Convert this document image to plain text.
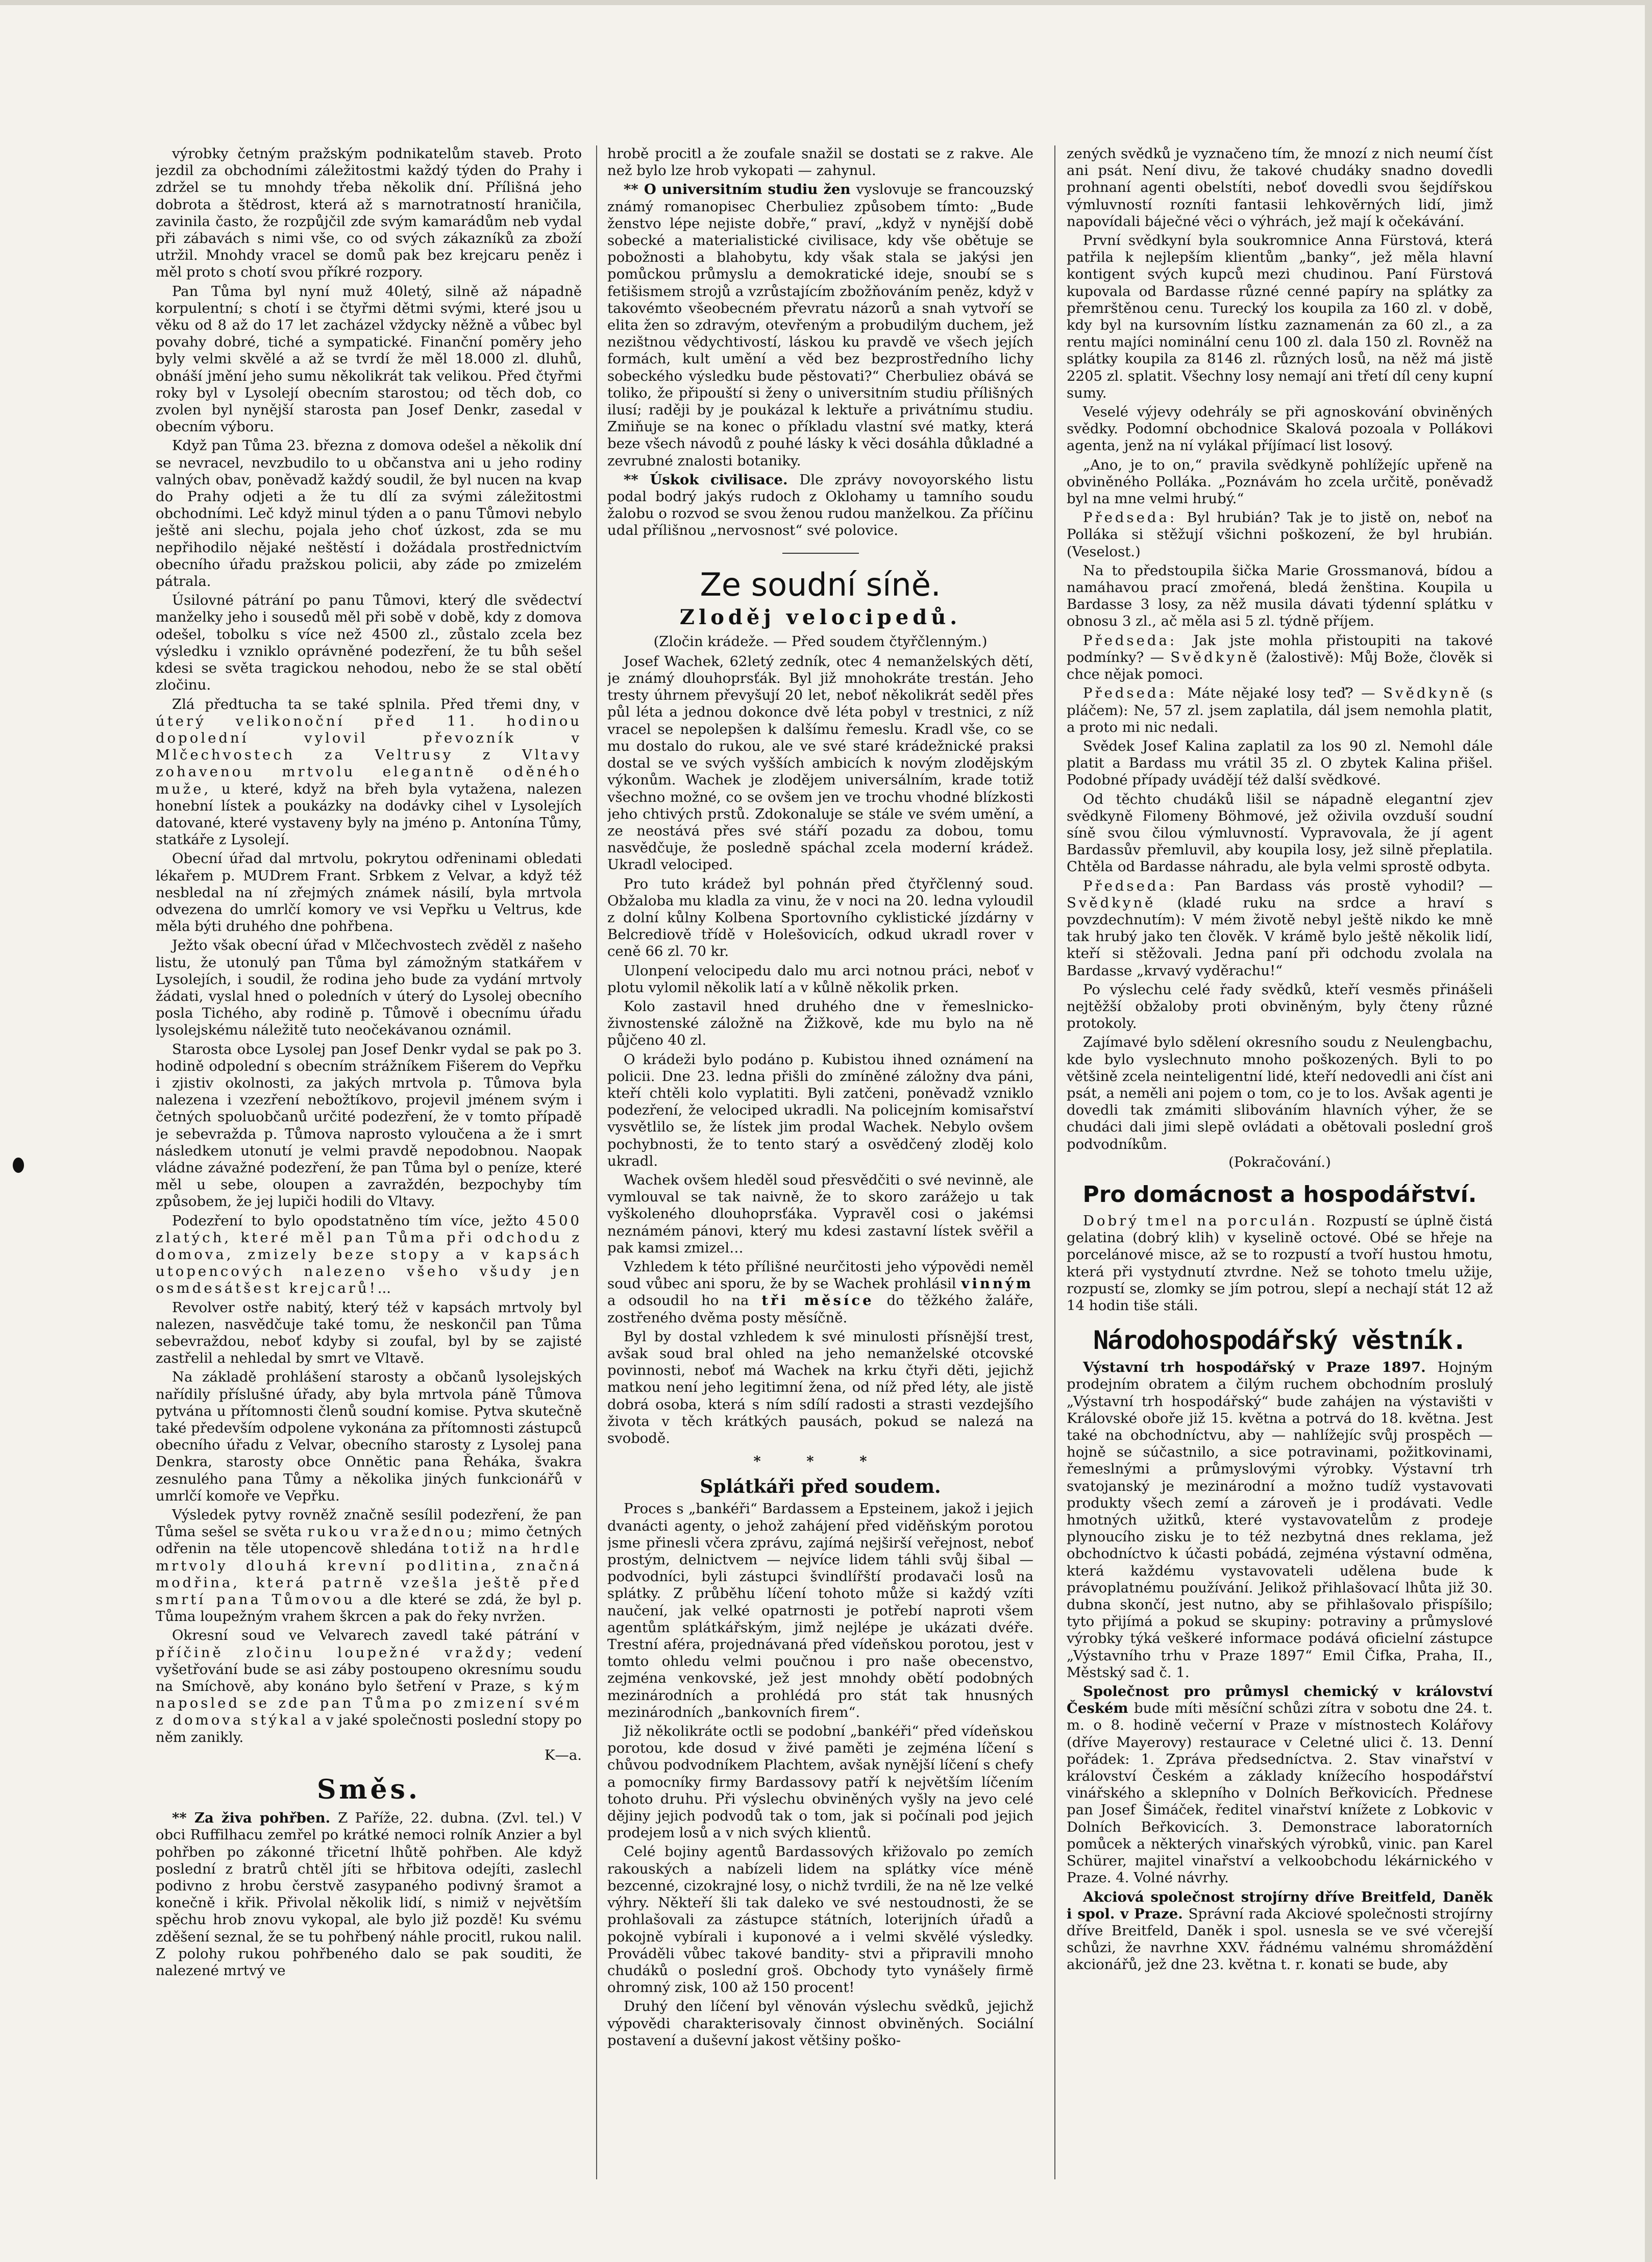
výrobky četným pražským podnikatelům staveb. Proto jezdil za obchodními záležitostmi každý týden do Prahy i zdržel se tu mnohdy třeba několik dní. Přílišná jeho dobrota a štědrost, která až s marnotratností hraničila, zavinila často, že rozpůjčil zde svým kamarádům neb vydal při zábavách s nimi vše, co od svých zákazníků za zboží utržil. Mnohdy vracel se domů pak bez krejcaru peněz i měl proto s chotí svou příkré rozpory.

Pan Tůma byl nyní muž 40letý, silně až nápadně korpulentní; s chotí i se čtyřmi dětmi svými, které jsou u věku od 8 až do 17 let zacházel vždycky něžně a vůbec byl povahy dobré, tiché a sympatické. Finanční poměry jeho byly velmi skvělé a až se tvrdí že měl 18.000 zl. dluhů, obnáší jmění jeho sumu několikrát tak velikou. Před čtyřmi roky byl v Lysolejí obecním starostou; od těch dob, co zvolen byl nynější starosta pan Josef Denkr, zasedal v obecním výboru.

Když pan Tůma 23. března z domova odešel a několik dní se nevracel, nevzbudilo to u občanstva ani u jeho rodiny valných obav, poněvadž každý soudil, že byl nucen na kvap do Prahy odjeti a že tu dlí za svými záležitostmi obchodními. Leč když minul týden a o panu Tůmovi nebylo ještě ani slechu, pojala jeho choť úzkost, zda se mu nepřihodilo nějaké neštěstí i dožádala prostřednictvím obecního úřadu pražskou policii, aby záde po zmizelém pátrala.

Úsilovné pátrání po panu Tůmovi, který dle svědectví manželky jeho i sousedů měl při sobě v době, kdy z domova odešel, tobolku s více než 4500 zl., zůstalo zcela bez výsledku i vzniklo oprávněné podezření, že tu bůh sešel kdesi se světa tragickou nehodou, nebo že se stal obětí zločinu.

Zlá předtucha ta se také splnila. Před třemi dny, v úterý velikonoční před 11. hodinou dopolední vylovil převozník v Mlčechvostech za Veltrusy z Vltavy zohavenou mrtvolu elegantně oděného muže, u které, když na břeh byla vytažena, nalezen honební lístek a poukázky na dodávky cihel v Lysolejích datované, které vystaveny byly na jméno p. Antonína Tůmy, statkáře z Lysolejí.

Obecní úřad dal mrtvolu, pokrytou odřeninami obledati lékařem p. MUDrem Frant. Srbkem z Velvar, a když též nesbledal na ní zřejmých známek násilí, byla mrtvola odvezena do umrlčí komory ve vsi Vepřku u Veltrus, kde měla býti druhého dne pohřbena.

Ježto však obecní úřad v Mlčechvostech zvěděl z našeho listu, že utonulý pan Tůma byl zámožným statkářem v Lysolejích, i soudil, že rodina jeho bude za vydání mrtvoly žádati, vyslal hned o poledních v úterý do Lysolej obecního posla Tichého, aby rodině p. Tůmově i obecnímu úřadu lysolejskému náležitě tuto neočekávanou oznámil.

Starosta obce Lysolej pan Josef Denkr vydal se pak po 3. hodině odpolední s obecním strážníkem Fišerem do Vepřku i zjistiv okolnosti, za jakých mrtvola p. Tůmova byla nalezena i vzezření nebožtíkovo, projevil jménem svým i četných spoluobčanů určité podezření, že v tomto případě je sebevražda p. Tůmova naprosto vyloučena a že i smrt následkem utonutí je velmi pravdě nepodobnou. Naopak vládne závažné podezření, že pan Tůma byl o peníze, které měl u sebe, oloupen a zavraždén, bezpochyby tím způsobem, že jej lupiči hodili do Vltavy.

Podezření to bylo opodstatněno tím více, ježto 4500 zlatých, které měl pan Tůma při odchodu z domova, zmizely beze stopy a v kapsách utopencových nalezeno všeho všudy jen osmdesátšest krejcarů!...

Revolver ostře nabitý, který též v kapsách mrtvoly byl nalezen, nasvědčuje také tomu, že neskončil pan Tůma sebevraždou, neboť kdyby si zoufal, byl by se zajisté zastřelil a nehledal by smrt ve Vltavě.

Na základě prohlášení starosty a občanů lysolejských nařídily příslušné úřady, aby byla mrtvola páně Tůmova pytvána u přítomnosti členů soudní komise. Pytva skutečně také především odpolene vykonána za přítomnosti zástupců obecního úřadu z Velvar, obecního starosty z Lysolej pana Denkra, starosty obce Onnětic pana Řeháka, švakra zesnulého pana Tůmy a několika jiných funkcionářů v umrlčí komoře ve Vepřku.

Výsledek pytvy rovněž značně sesílil podezření, že pan Tůma sešel se světa rukou vražednou; mimo četných odřenin na těle utopencově shledána totiž na hrdle mrtvoly dlouhá krevní podlitina, značná modřina, která patrně vzešla ještě před smrtí pana Tůmovou a dle které se zdá, že byl p. Tůma loupežným vrahem škrcen a pak do řeky nvržen.

Okresní soud ve Velvarech zavedl také pátrání v příčině zločinu loupežné vraždy; vedení vyšetřování bude se asi záby postoupeno okresnímu soudu na Smíchově, aby konáno bylo šetření v Praze, s kým naposled se zde pan Tůma po zmizení svém z domova stýkal a v jaké společnosti poslední stopy po něm zanikly.

K—a.
Směs.

** Za živa pohřben. Z Paříže, 22. dubna. (Zvl. tel.) V obci Ruffilhacu zemřel po krátké nemoci rolník Anzier a byl pohřben po zákonné třicetní lhůtě pohřben. Ale když poslední z bratrů chtěl jíti se hřbitova odejíti, zaslechl podivno z hrobu čerstvě zasypaného podivný šramot a konečně i křik. Přivolal několik lidí, s nimiž v největším spěchu hrob znovu vykopal, ale bylo již pozdě! Ku svému zděšení seznal, že se tu pohřbený náhle procitl, rukou nalil. Z polohy rukou pohřbeného dalo se pak souditi, že nalezené mrtvý ve

hrobě procitl a že zoufale snažil se dostati se z rakve. Ale než bylo lze hrob vykopati — zahynul.

** O universitním studiu žen vyslovuje se francouzský známý romanopisec Cherbuliez způsobem tímto: „Bude ženstvo lépe nejiste dobře,“ praví, „když v nynější době sobecké a materialistické civilisace, kdy vše obětuje se pobožnosti a blahobytu, kdy však stala se jakýsi jen pomůckou průmyslu a demokratické ideje, snoubí se s fetišismem strojů a vzrůstajícím zbožňováním peněz, když v takovémto všeobecném převratu názorů a snah vytvoří se elita žen so zdravým, otevřeným a probudilým duchem, jež nezištnou vědychtivostí, láskou ku pravdě ve všech jejích formách, kult umění a věd bez bezprostředního lichy sobeckého výsledku bude pěstovati?“ Cherbuliez obává se toliko, že připouští si ženy o universitním studiu přílišných ilusí; raději by je poukázal k lektuře a privátnímu studiu. Zmiňuje se na konec o příkladu vlastní své matky, která beze všech návodů z pouhé lásky k věci dosáhla důkladné a zevrubné znalosti botaniky.

** Úskok civilisace. Dle zprávy novoyorského listu podal bodrý jakýs rudoch z Oklohamy u tamního soudu žalobu o rozvod se svou ženou rudou manželkou. Za příčinu udal přílišnou „nervosnost“ své polovice.

Ze soudní síně.
Zloděj velocipedů.
(Zločin krádeže. — Před soudem čtyřčlenným.)

Josef Wachek, 62letý zedník, otec 4 nemanželských dětí, je známý dlouhoprsťák. Byl již mnohokráte trestán. Jeho tresty úhrnem převyšují 20 let, neboť několikrát seděl přes půl léta a jednou dokonce dvě léta pobyl v trestnici, z níž vracel se nepolepšen k dalšímu řemeslu. Kradl vše, co se mu dostalo do rukou, ale ve své staré krádežnické praksi dostal se ve svých vyšších ambicích k novým zlodějským výkonům. Wachek je zlodějem universálním, krade totiž všechno možné, co se ovšem jen ve trochu vhodné blízkosti jeho chtivých prstů. Zdokonaluje se stále ve svém umění, a ze neostává přes své stáří pozadu za dobou, tomu nasvědčuje, že posledně spáchal zcela moderní krádež. Ukradl velociped.

Pro tuto krádež byl pohnán před čtyřčlenný soud. Obžaloba mu kladla za vinu, že v noci na 20. ledna vyloudil z dolní kůlny Kolbena Sportovního cyklistické jízdárny v Belcrediově třídě v Holešovicích, odkud ukradl rover v ceně 66 zl. 70 kr.

Ulonpení velocipedu dalo mu arci notnou práci, neboť v plotu vylomil několik latí a v kůlně několik prken.

Kolo zastavil hned druhého dne v řemeslnicko-živnostenské záložně na Žižkově, kde mu bylo na ně půjčeno 40 zl.

O krádeži bylo podáno p. Kubistou ihned oznámení na policii. Dne 23. ledna přišli do zmíněné záložny dva páni, kteří chtěli kolo vyplatiti. Byli zatčeni, poněvadž vzniklo podezření, že velociped ukradli. Na policejním komisařství vysvětlilo se, že lístek jim prodal Wachek. Nebylo ovšem pochybnosti, že to tento starý a osvědčený zloděj kolo ukradl.

Wachek ovšem hleděl soud přesvědčiti o své nevinně, ale vymlouval se tak naivně, že to skoro zarážejo u tak vyškoleného dlouhoprsťáka. Vypravěl cosi o jakémsi neznámém pánovi, který mu kdesi zastavní lístek svěřil a pak kamsi zmizel…

Vzhledem k této přílišné neurčitosti jeho výpovědi neměl soud vůbec ani sporu, že by se Wachek prohlásil vinným a odsoudil ho na tři měsíce do těžkého žaláře, zostřeného dvěma posty měsíčně.

Byl by dostal vzhledem k své minulosti přísnější trest, avšak soud bral ohled na jeho nemanželské otcovské povinnosti, neboť má Wachek na krku čtyři děti, jejichž matkou není jeho legitimní žena, od níž před léty, ale jistě dobrá osoba, která s ním sdílí radosti a strasti vezdejšího života v těch krátkých pausách, pokud se nalezá na svobodě.

* * *
Splátkáři před soudem.

Proces s „bankéři“ Bardassem a Epsteinem, jakož i jejich dvanácti agenty, o jehož zahájení před viděňským porotou jsme přinesli včera zprávu, zajímá nejširší veřejnost, neboť prostým, delnictvem — nejvíce lidem táhli svůj šibal — podvodníci, byli zástupci švindlířští prodavači losů na splátky. Z průběhu líčení tohoto může si každý vzíti naučení, jak velké opatrnosti je potřebí naproti všem agentům splátkářským, jimž nejlépe je ukázati dvéře. Trestní aféra, projednávaná před vídeňskou porotou, jest v tomto ohledu velmi poučnou i pro naše obecenstvo, zejména venkovské, jež jest mnohdy obětí podobných mezinárodních a prohlédá pro stát tak hnusných mezinárodních „bankovních firem“.

Již několikráte octli se podobní „bankéři“ před vídeňskou porotou, kde dosud v živé paměti je zejména líčení s chůvou podvodníkem Plachtem, avšak nynější líčení s chefy a pomocníky firmy Bardassovy patří k největším líčením tohoto druhu. Při výslechu obviněných vyšly na jevo celé dějiny jejich podvodů tak o tom, jak si počínali pod jejich prodejem losů a v nich svých klientů.

Celé bojiny agentů Bardassových křižovalo po zemích rakouských a nabízeli lidem na splátky více méně bezcenné, cizokrajné losy, o nichž tvrdili, že na ně lze velké výhry. Někteří šli tak daleko ve své nestoudnosti, že se prohlašovali za zástupce státních, loterijních úřadů a pokojně vybírali i kuponové a i velmi skvělé výsledky. Prováděli vůbec takové bandity- stvi a připravili mnoho chudáků o poslední groš. Obchody tyto vynášely firmě ohromný zisk, 100 až 150 procent!

Druhý den líčení byl věnován výslechu svědků, jejichž výpovědi charakterisovaly činnost obviněných. Sociální postavení a duševní jakost většiny poško-

zených svědků je vyznačeno tím, že mnozí z nich neumí číst ani psát. Není divu, že takové chudáky snadno dovedli prohnaní agenti obelstíti, neboť dovedli svou šejdířskou výmluvností rozníti fantasii lehkověrných lidí, jimž napovídali báječné věci o výhrách, jež mají k očekávání.

První svědkyní byla soukromnice Anna Fürstová, která patřila k nejlepším klientům „banky“, jež měla hlavní kontigent svých kupců mezi chudinou. Paní Fürstová kupovala od Bardasse různé cenné papíry na splátky za přemrštěnou cenu. Turecký los koupila za 160 zl. v době, kdy byl na kursovním lístku zaznamenán za 60 zl., a za rentu majíci nominální cenu 100 zl. dala 150 zl. Rovněž na splátky koupila za 8146 zl. různých losů, na něž má jistě 2205 zl. splatit. Všechny losy nemají ani třetí díl ceny kupní sumy.

Veselé výjevy odehrály se při agnoskování obviněných svědky. Podomní obchodnice Skalová pozoala v Pollákovi agenta, jenž na ní vylákal příjímací list losový.

„Ano, je to on,“ pravila svědkyně pohlížejíc upřeně na obviněného Polláka. „Poznávám ho zcela určitě, poněvadž byl na mne velmi hrubý.“

Předseda: Byl hrubián? Tak je to jistě on, neboť na Polláka si stěžují všichni poškození, že byl hrubián. (Veselost.)

Na to předstoupila šička Marie Grossmanová, bídou a namáhavou prací zmořená, bledá ženština. Koupila u Bardasse 3 losy, za něž musila dávati týdenní splátku v obnosu 3 zl., ač měla asi 5 zl. týdně příjem.

Předseda: Jak jste mohla přistoupiti na takové podmínky? — Svědkyně (žalostivě): Můj Bože, člověk si chce nějak pomoci.

Předseda: Máte nějaké losy teď? — Svědkyně (s pláčem): Ne, 57 zl. jsem zaplatila, dál jsem nemohla platit, a proto mi nic nedali.

Svědek Josef Kalina zaplatil za los 90 zl. Nemohl dále platit a Bardass mu vrátil 35 zl. O zbytek Kalina přišel. Podobné případy uvádějí též další svědkové.

Od těchto chudáků lišil se nápadně elegantní zjev svědkyně Filomeny Böhmové, jež oživila ovzduší soudní síně svou čilou výmluvností. Vypravovala, že jí agent Bardassův přemluvil, aby koupila losy, jež silně přeplatila. Chtěla od Bardasse náhradu, ale byla velmi sprostě odbyta.

Předseda: Pan Bardass vás prostě vyhodil? — Svědkyně (kladé ruku na srdce a hraví s povzdechnutím): V mém životě nebyl ještě nikdo ke mně tak hrubý jako ten člověk. V krámě bylo ještě několik lidí, kteří si stěžovali. Jedna paní při odchodu zvolala na Bardasse „krvavý vyděrachu!“

Po výslechu celé řady svědků, kteří vesměs přinášeli nejtěžší obžaloby proti obviněným, byly čteny různé protokoly.

Zajímavé bylo sdělení okresního soudu z Neulengbachu, kde bylo vyslechnuto mnoho poškozených. Byli to po většině zcela neinteligentní lidé, kteří nedovedli ani číst ani psát, a neměli ani pojem o tom, co je to los. Avšak agenti je dovedli tak zmámiti slibováním hlavních výher, že se chudáci dali jimi slepě ovládati a obětovali poslední groš podvodníkům.

(Pokračování.)
Pro domácnost a hospodářství.

Dobrý tmel na porculán. Rozpustí se úplně čistá gelatina (dobrý klih) v kyselině octové. Obé se hřeje na porcelánové misce, až se to rozpustí a tvoří hustou hmotu, která při vystydnutí ztvrdne. Než se tohoto tmelu užije, rozpustí se, zlomky se jím potrou, slepí a nechají stát 12 až 14 hodin tiše stáli.

Národohospodářský věstník.

Výstavní trh hospodářský v Praze 1897. Hojným prodejním obratem a čilým ruchem obchodním proslulý „Výstavní trh hospodářský“ bude zahájen na výstavišti v Královské oboře již 15. května a potrvá do 18. května. Jest také na obchodníctvu, aby — nahlížejíc svůj prospěch — hojně se súčastnilo, a sice potravinami, požitkovinami, řemeslnými a průmyslovými výrobky. Výstavní trh svatojanský je mezinárodní a možno tudíž vystavovati produkty všech zemí a zároveň je i prodávati. Vedle hmotných užitků, které vystavovatelům z prodeje plynoucího zisku je to též nezbytná dnes reklama, jež obchodníctvo k účasti pobádá, zejména výstavní odměna, která každému vystavovateli udělena bude k právoplatnému používání. Jelikož přihlašovací lhůta již 30. dubna skončí, jest nutno, aby se přihlašovalo přispíšilo; tyto přijímá a pokud se skupiny: potraviny a průmyslové výrobky týká veškeré informace podává oficielní zástupce „Výstavního trhu v Praze 1897“ Emil Čifka, Praha, II., Městský sad č. 1.

Společnost pro průmysl chemický v království Českém bude míti měsíční schůzi zítra v sobotu dne 24. t. m. o 8. hodině večerní v Praze v místnostech Kolářovy (dříve Mayerovy) restaurace v Celetné ulici č. 13. Denní pořádek: 1. Zpráva předsedníctva. 2. Stav vinařství v království Českém a základy knížecího hospodářství vinářského a sklepního v Dolních Beřkovicích. Přednese pan Josef Šimáček, ředitel vinařství knížete z Lobkovic v Dolních Beřkovicích. 3. Demonstrace laboratorních pomůcek a některých vinařských výrobků, vinic. pan Karel Schürer, majitel vinařství a velkoobchodu lékárnického v Praze. 4. Volné návrhy.

Akciová společnost strojírny dříve Breitfeld, Daněk i spol. v Praze. Správní rada Akciové společnosti strojírny dříve Breitfeld, Daněk i spol. usnesla se ve své včerejší schůzi, že navrhne XXV. řádnému valnému shromáždění akcionářů, jež dne 23. května t. r. konati se bude, aby
